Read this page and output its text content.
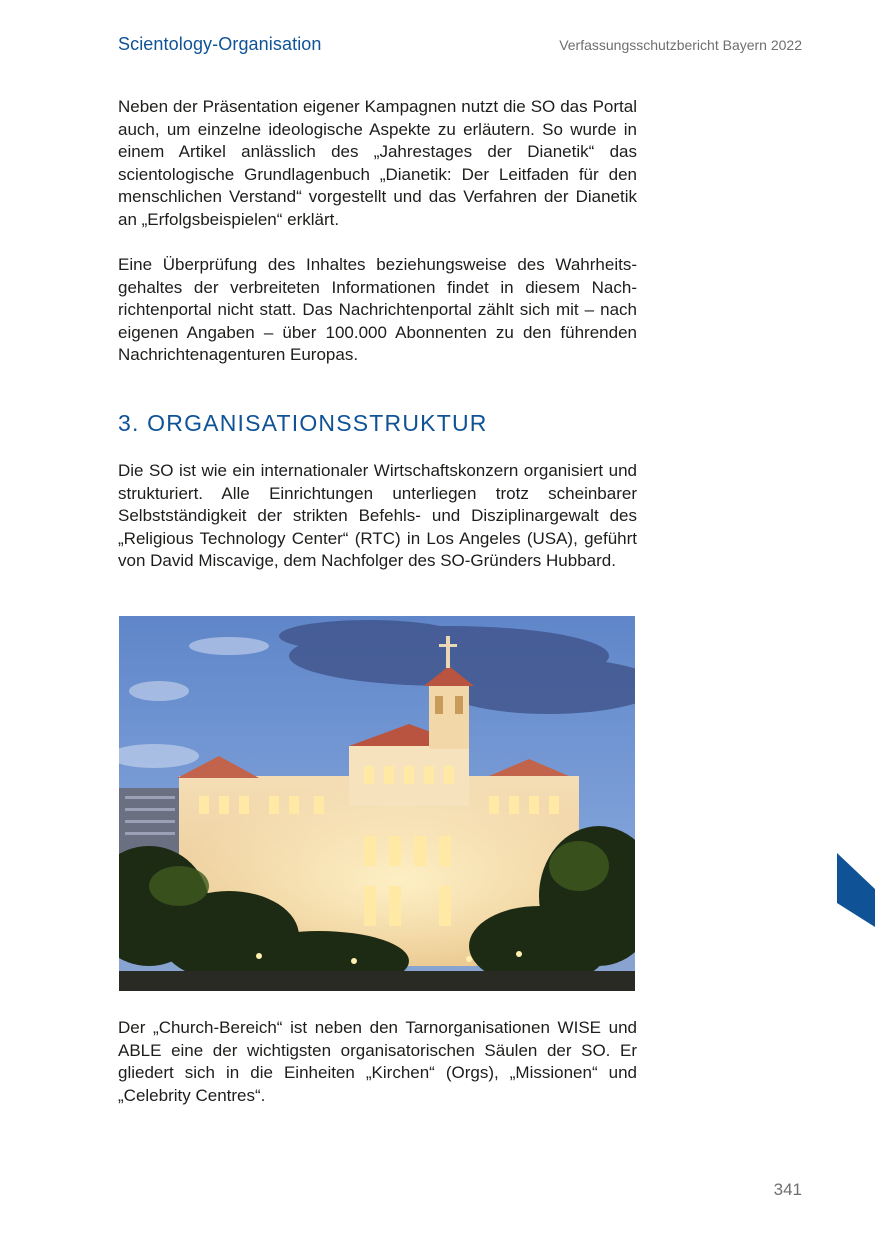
Scientology-Organisation	Verfassungsschutzbericht Bayern 2022

Neben der Präsentation eigener Kampagnen nutzt die SO das Portal auch, um einzelne ideologische Aspekte zu erläutern. So wurde in einem Artikel anlässlich des „Jahrestages der Dianetik“ das scientologische Grundlagenbuch „Dianetik: Der Leitfaden für den menschlichen Verstand“ vorgestellt und das Verfahren der Dianetik an „Erfolgsbeispielen“ erklärt.

Eine Überprüfung des Inhaltes beziehungsweise des Wahrheitsgehaltes der verbreiteten Informationen findet in diesem Nachrichtenportal nicht statt. Das Nachrichtenportal zählt sich mit – nach eigenen Angaben – über 100.000 Abonnenten zu den führenden Nachrichtenagenturen Europas.

3. ORGANISATIONSSTRUKTUR

Die SO ist wie ein internationaler Wirtschaftskonzern organisiert und strukturiert. Alle Einrichtungen unterliegen trotz scheinbarer Selbstständigkeit der strikten Befehls- und Disziplinargewalt des „Religious Technology Center“ (RTC) in Los Angeles (USA), geführt von David Miscavige, dem Nachfolger des SO-Gründers Hubbard.

Der „Church-Bereich“ ist neben den Tarnorganisationen WISE und ABLE eine der wichtigsten organisatorischen Säulen der SO. Er gliedert sich in die Einheiten „Kirchen“ (Orgs), „Missionen“ und „Celebrity Centres“.

341
